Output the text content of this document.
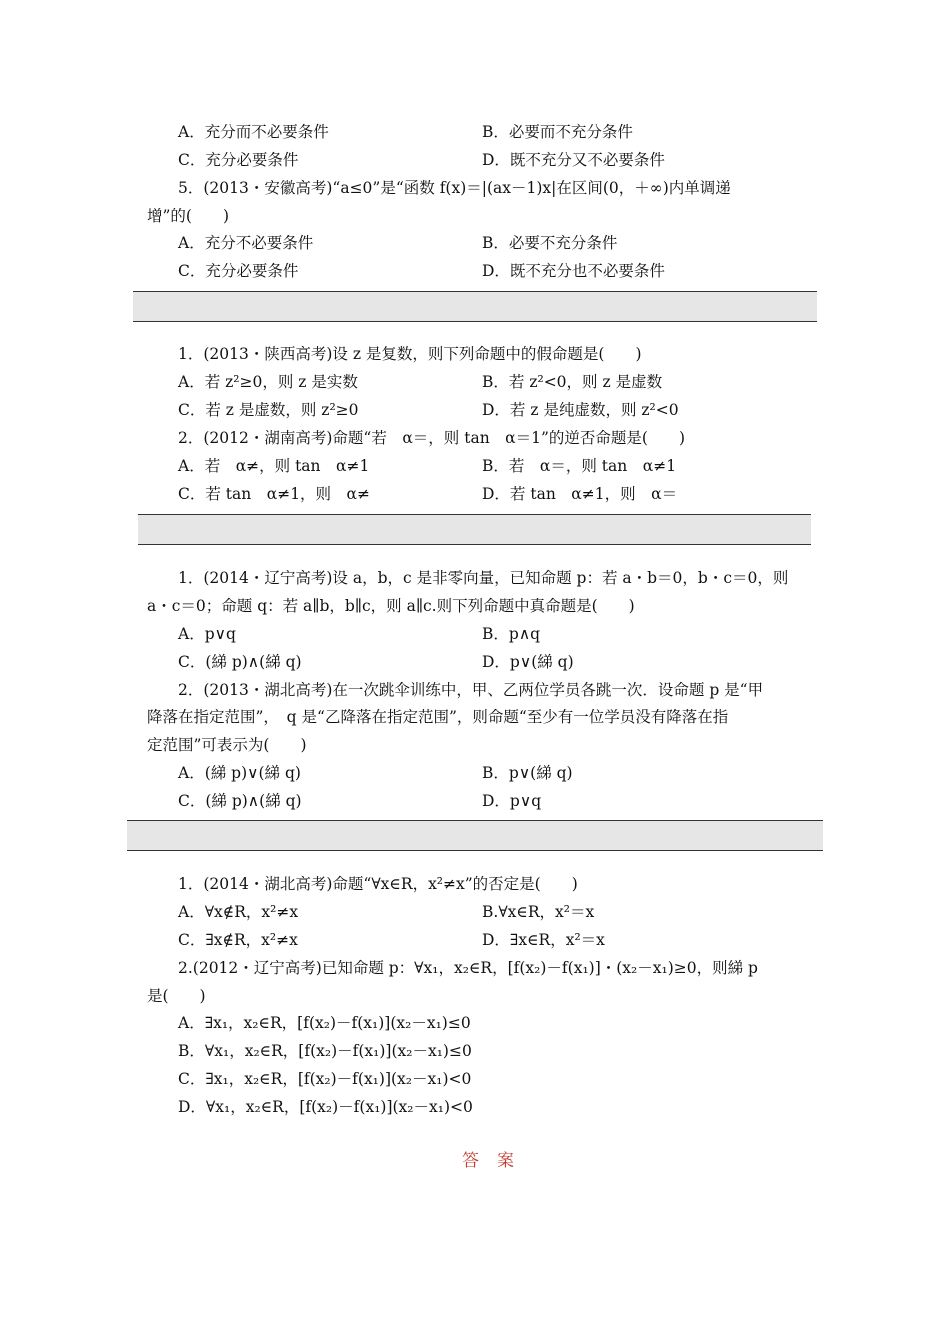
A．充分而不必要条件	B．必要而不充分条件
C．充分必要条件	D．既不充分又不必要条件
5．(2013・安徽高考)“a≤0”是“函数 f(x)＝|(ax－1)x|在区间(0，＋∞)内单调递
增”的(　　)
A．充分不必要条件	B．必要不充分条件
C．充分必要条件	D．既不充分也不必要条件
1．(2013・陕西高考)设 z 是复数，则下列命题中的假命题是(　　)
A．若 z²≥0，则 z 是实数	B．若 z²<0，则 z 是虚数
C．若 z 是虚数，则 z²≥0	D．若 z 是纯虚数，则 z²<0
2．(2012・湖南高考)命题“若　α＝，则 tan　α＝1”的逆否命题是(　　)
A．若　α≠，则 tan　α≠1	B．若　α＝，则 tan　α≠1
C．若 tan　α≠1，则　α≠	D．若 tan　α≠1，则　α＝
1．(2014・辽宁高考)设 a，b，c 是非零向量，已知命题 p：若 a・b＝0，b・c＝0，则
a・c＝0；命题 q：若 a∥b，b∥c，则 a∥c.则下列命题中真命题是(　　)
A．p∨q	B．p∧q
C．(綈 p)∧(綈 q)	D．p∨(綈 q)
2．(2013・湖北高考)在一次跳伞训练中，甲、乙两位学员各跳一次．设命题 p 是“甲
降落在指定范围”，　q 是“乙降落在指定范围”，则命题“至少有一位学员没有降落在指
定范围”可表示为(　　)
A．(綈 p)∨(綈 q)	B．p∨(綈 q)
C．(綈 p)∧(綈 q)	D．p∨q
1．(2014・湖北高考)命题“∀x∈R，x²≠x”的否定是(　　)
A．∀x∉R，x²≠x	B.∀x∈R，x²＝x
C．∃x∉R，x²≠x	D．∃x∈R，x²＝x
2.(2012・辽宁高考)已知命题 p：∀x₁，x₂∈R，[f(x₂)－f(x₁)]・(x₂－x₁)≥0，则綈 p
是(　　)
A．∃x₁，x₂∈R，[f(x₂)－f(x₁)](x₂－x₁)≤0
B．∀x₁，x₂∈R，[f(x₂)－f(x₁)](x₂－x₁)≤0
C．∃x₁，x₂∈R，[f(x₂)－f(x₁)](x₂－x₁)<0
D．∀x₁，x₂∈R，[f(x₂)－f(x₁)](x₂－x₁)<0
答案
